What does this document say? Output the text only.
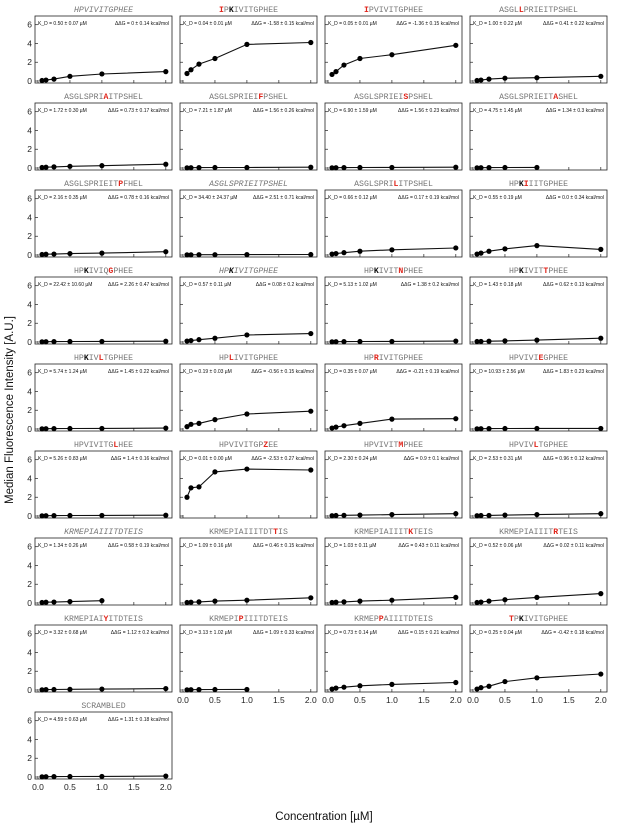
HPVIVITGPHEE
K_D = 0.50 ± 0.07 µM	ΔΔG = 0 ± 0.14 kcal/mol
0
2
4
6
IPKIVITGPHEE
K_D = 0.04 ± 0.01 µM	ΔΔG = -1.58 ± 0.15 kcal/mol
IPVIVITGPHEE
K_D = 0.05 ± 0.01 µM	ΔΔG = -1.36 ± 0.15 kcal/mol
ASGLLPRIEITPSHEL
K_D = 1.00 ± 0.22 µM	ΔΔG = 0.41 ± 0.22 kcal/mol
ASGLSPRIAITPSHEL
K_D = 1.72 ± 0.30 µM	ΔΔG = 0.73 ± 0.17 kcal/mol
0
2
4
6
ASGLSPRIEIFPSHEL
K_D = 7.21 ± 1.87 µM	ΔΔG = 1.56 ± 0.26 kcal/mol
ASGLSPRIEISPSHEL
K_D = 6.90 ± 1.59 µM	ΔΔG = 1.56 ± 0.23 kcal/mol
ASGLSPRIEITASHEL
K_D = 4.75 ± 1.45 µM	ΔΔG = 1.34 ± 0.3 kcal/mol
ASGLSPRIEITPFHEL
K_D = 2.16 ± 0.35 µM	ΔΔG = 0.78 ± 0.16 kcal/mol
0
2
4
6
ASGLSPRIEITPSHEL
K_D = 34.40 ± 24.37 µM	ΔΔG = 2.51 ± 0.71 kcal/mol
ASGLSPRILITPSHEL
K_D = 0.66 ± 0.12 µM	ΔΔG = 0.17 ± 0.19 kcal/mol
HPKIIITGPHEE
K_D = 0.55 ± 0.19 µM	ΔΔG = 0.0 ± 0.34 kcal/mol
HPKIVIQGPHEE
K_D = 22.42 ± 10.60 µM	ΔΔG = 2.26 ± 0.47 kcal/mol
0
2
4
6
HPKIVITGPHEE
K_D = 0.57 ± 0.11 µM	ΔΔG = 0.08 ± 0.2 kcal/mol
HPKIVITNPHEE
K_D = 5.13 ± 1.02 µM	ΔΔG = 1.38 ± 0.2 kcal/mol
HPKIVITTPHEE
K_D = 1.43 ± 0.18 µM	ΔΔG = 0.62 ± 0.13 kcal/mol
HPKIVLTGPHEE
K_D = 5.74 ± 1.24 µM	ΔΔG = 1.45 ± 0.22 kcal/mol
0
2
4
6
HPLIVITGPHEE
K_D = 0.19 ± 0.03 µM	ΔΔG = -0.56 ± 0.15 kcal/mol
HPRIVITGPHEE
K_D = 0.35 ± 0.07 µM	ΔΔG = -0.21 ± 0.19 kcal/mol
HPVIVIEGPHEE
K_D = 10.93 ± 2.56 µM	ΔΔG = 1.83 ± 0.23 kcal/mol
HPVIVITGLHEE
K_D = 5.26 ± 0.83 µM	ΔΔG = 1.4 ± 0.16 kcal/mol
0
2
4
6
HPVIVITGPZEE
K_D = 0.01 ± 0.00 µM	ΔΔG = -2.53 ± 0.27 kcal/mol
HPVIVITMPHEE
K_D = 2.30 ± 0.24 µM	ΔΔG = 0.9 ± 0.1 kcal/mol
HPVIVLTGPHEE
K_D = 2.53 ± 0.31 µM	ΔΔG = 0.96 ± 0.12 kcal/mol
KRMEPIAIIITDTEIS
K_D = 1.34 ± 0.26 µM	ΔΔG = 0.58 ± 0.19 kcal/mol
0
2
4
6
KRMEPIAIIITDTTIS
K_D = 1.09 ± 0.16 µM	ΔΔG = 0.46 ± 0.15 kcal/mol
KRMEPIAIIITKTEIS
K_D = 1.03 ± 0.11 µM	ΔΔG = 0.43 ± 0.11 kcal/mol
KRMEPIAIIITRTEIS
K_D = 0.52 ± 0.06 µM	ΔΔG = 0.02 ± 0.11 kcal/mol
KRMEPIAIYITDTEIS
K_D = 3.32 ± 0.68 µM	ΔΔG = 1.12 ± 0.2 kcal/mol
0
2
4
6
KRMEPIPIIITDTEIS
K_D = 3.13 ± 1.02 µM	ΔΔG = 1.09 ± 0.33 kcal/mol
0.0 0.5 1.0 1.5 2.0
KRMEPPAIIITDTEIS
K_D = 0.73 ± 0.14 µM	ΔΔG = 0.15 ± 0.21 kcal/mol
0.0 0.5 1.0 1.5 2.0
TPKIVITGPHEE
K_D = 0.25 ± 0.04 µM	ΔΔG = -0.42 ± 0.18 kcal/mol
0.0 0.5 1.0 1.5 2.0
SCRAMBLED
K_D = 4.59 ± 0.63 µM	ΔΔG = 1.31 ± 0.18 kcal/mol
0
2
4
6
0.0 0.5 1.0 1.5 2.0
Median Fluorescence Intensity [A.U.]
Concentration [µM]
